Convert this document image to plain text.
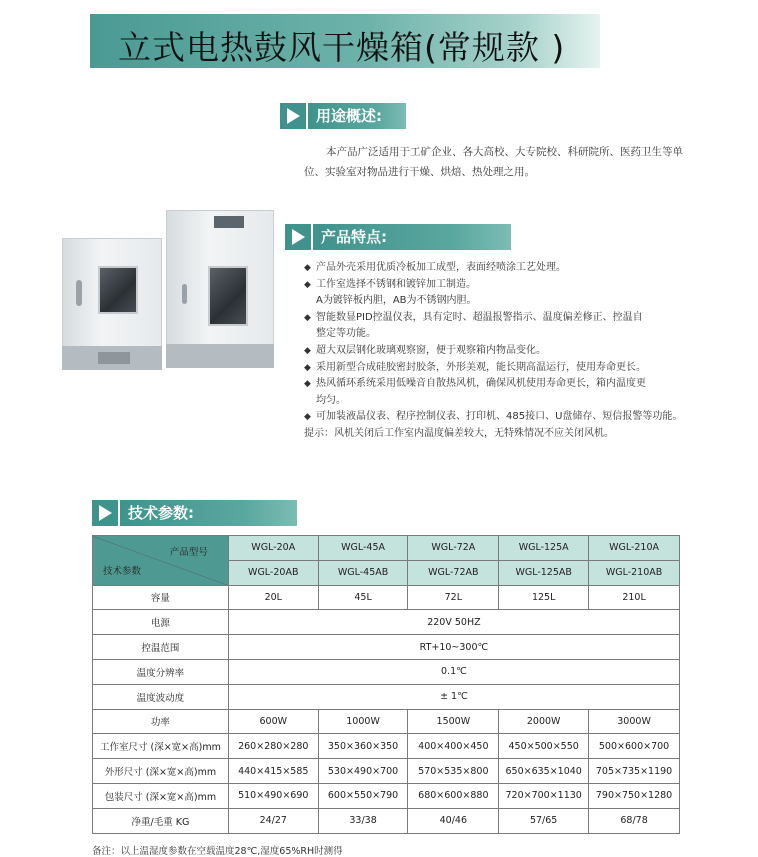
立式电热鼓风干燥箱(常规款 )
用途概述:

本产品广泛适用于工矿企业、各大高校、大专院校、科研院所、医药卫生等单位、实验室对物品进行干燥、烘焙、热处理之用。

产品特点:
◆ 产品外壳采用优质冷板加工成型，表面经喷涂工艺处理。
◆ 工作室选择不锈钢和镀锌加工制造。
A为镀锌板内胆，AB为不锈钢内胆。
◆ 智能数显PID控温仪表，具有定时、超温报警指示、温度偏差修正、控温自
整定等功能。
◆ 超大双层钢化玻璃观察窗，便于观察箱内物品变化。
◆ 采用新型合成硅胶密封胶条，外形美观，能长期高温运行，使用寿命更长。
◆ 热风循环系统采用低噪音自散热风机，确保风机使用寿命更长，箱内温度更
均匀。
◆ 可加装液晶仪表、程序控制仪表、打印机、485接口、U盘储存、短信报警等功能。
提示：风机关闭后工作室内温度偏差较大，无特殊情况不应关闭风机。
技术参数:
产品型号
技术参数	WGL-20A	WGL-45A	WGL-72A	WGL-125A	WGL-210A
	WGL-20AB	WGL-45AB	WGL-72AB	WGL-125AB	WGL-210AB
容量	20L	45L	72L	125L	210L
电源	220V 50HZ				
控温范围	RT+10~300℃				
温度分辨率	0.1℃				
温度波动度	± 1℃				
功率	600W	1000W	1500W	2000W	3000W
工作室尺寸 (深×宽×高)mm	260×280×280	350×360×350	400×400×450	450×500×550	500×600×700
外形尺寸 (深×宽×高)mm	440×415×585	530×490×700	570×535×800	650×635×1040	705×735×1190
包装尺寸 (深×宽×高)mm	510×490×690	600×550×790	680×600×880	720×700×1130	790×750×1280
净重/毛重 KG	24/27	33/38	40/46	57/65	68/78
备注：以上温湿度参数在空载温度28℃,湿度65%RH时测得
